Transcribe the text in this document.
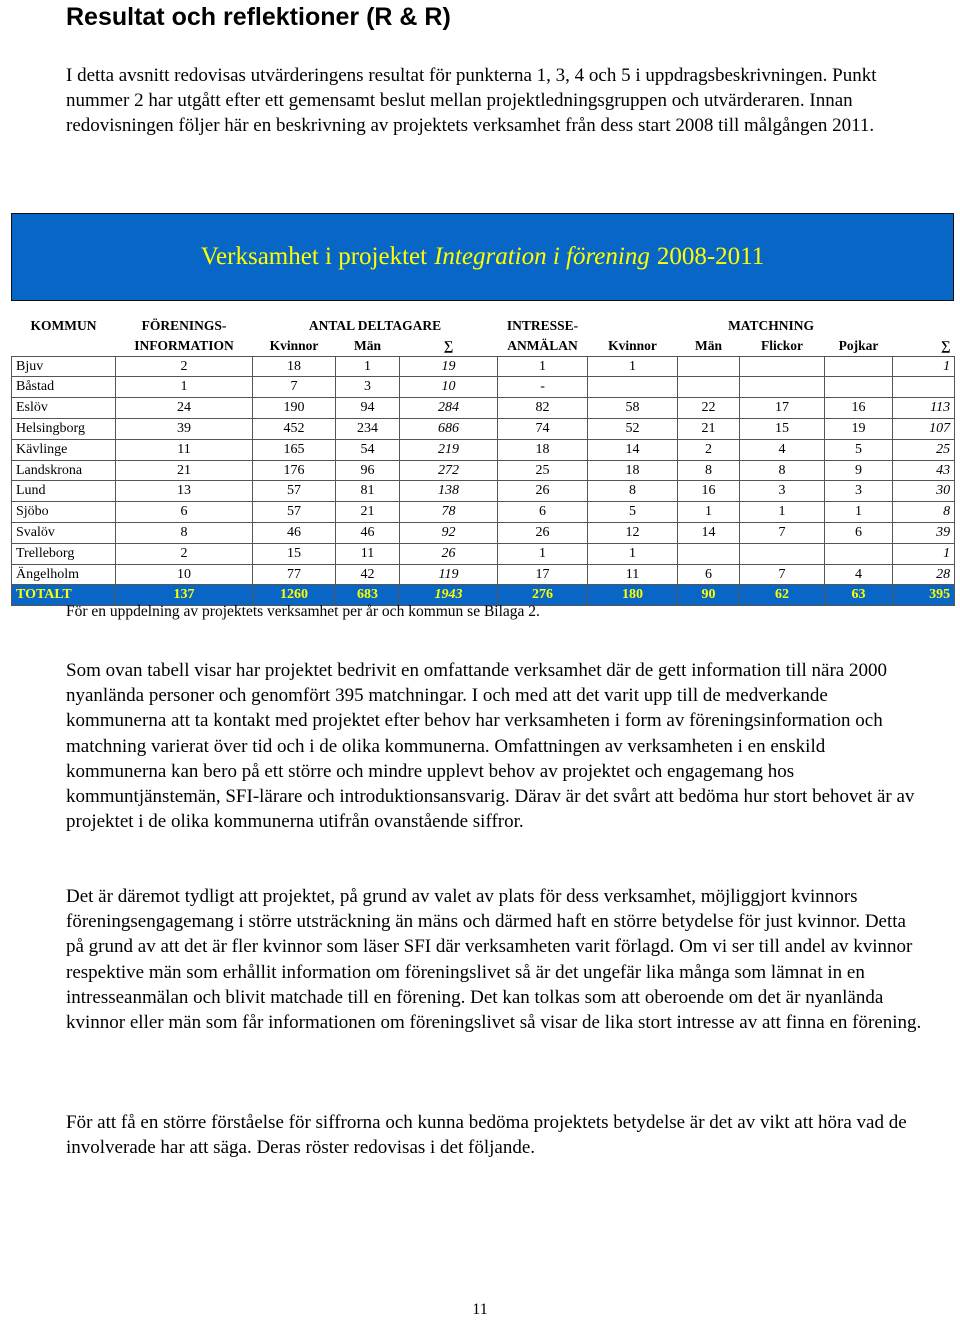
Resultat och reflektioner (R & R)

I detta avsnitt redovisas utvärderingens resultat för punkterna 1, 3, 4 och 5 i uppdragsbeskrivningen. Punkt nummer 2 har utgått efter ett gemensamt beslut mellan projektledningsgruppen och utvärderaren. Innan redovisningen följer här en beskrivning av projektets verksamhet från dess start 2008 till målgången 2011.

Verksamhet i projektet Integration i förening 2008-2011
KOMMUN	FÖRENINGS-	ANTAL DELTAGARE			INTRESSE-	MATCHNING				
	INFORMATION	Kvinnor	Män	∑	ANMÄLAN	Kvinnor	Män	Flickor	Pojkar	∑
Bjuv	2	18	1	19	1	1				1
Båstad	1	7	3	10	-					
Eslöv	24	190	94	284	82	58	22	17	16	113
Helsingborg	39	452	234	686	74	52	21	15	19	107
Kävlinge	11	165	54	219	18	14	2	4	5	25
Landskrona	21	176	96	272	25	18	8	8	9	43
Lund	13	57	81	138	26	8	16	3	3	30
Sjöbo	6	57	21	78	6	5	1	1	1	8
Svalöv	8	46	46	92	26	12	14	7	6	39
Trelleborg	2	15	11	26	1	1				1
Ängelholm	10	77	42	119	17	11	6	7	4	28
TOTALT	137	1260	683	1943	276	180	90	62	63	395

För en uppdelning av projektets verksamhet per år och kommun se Bilaga 2.

Som ovan tabell visar har projektet bedrivit en omfattande verksamhet där de gett information till nära 2000 nyanlända personer och genomfört 395 matchningar. I och med att det varit upp till de medverkande kommunerna att ta kontakt med projektet efter behov har verksamheten i form av föreningsinformation och matchning varierat över tid och i de olika kommunerna. Omfattningen av verksamheten i en enskild kommunerna kan bero på ett större och mindre upplevt behov av projektet och engagemang hos kommuntjänstemän, SFI-lärare och introduktionsansvarig. Därav är det svårt att bedöma hur stort behovet är av projektet i de olika kommunerna utifrån ovanstående siffror.

Det är däremot tydligt att projektet, på grund av valet av plats för dess verksamhet, möjliggjort kvinnors föreningsengagemang i större utsträckning än mäns och därmed haft en större betydelse för just kvinnor. Detta på grund av att det är fler kvinnor som läser SFI där verksamheten varit förlagd. Om vi ser till andel av kvinnor respektive män som erhållit information om föreningslivet så är det ungefär lika många som lämnat in en intresseanmälan och blivit matchade till en förening. Det kan tolkas som att oberoende om det är nyanlända kvinnor eller män som får informationen om föreningslivet så visar de lika stort intresse av att finna en förening.

För att få en större förståelse för siffrorna och kunna bedöma projektets betydelse är det av vikt att höra vad de involverade har att säga. Deras röster redovisas i det följande.

11
